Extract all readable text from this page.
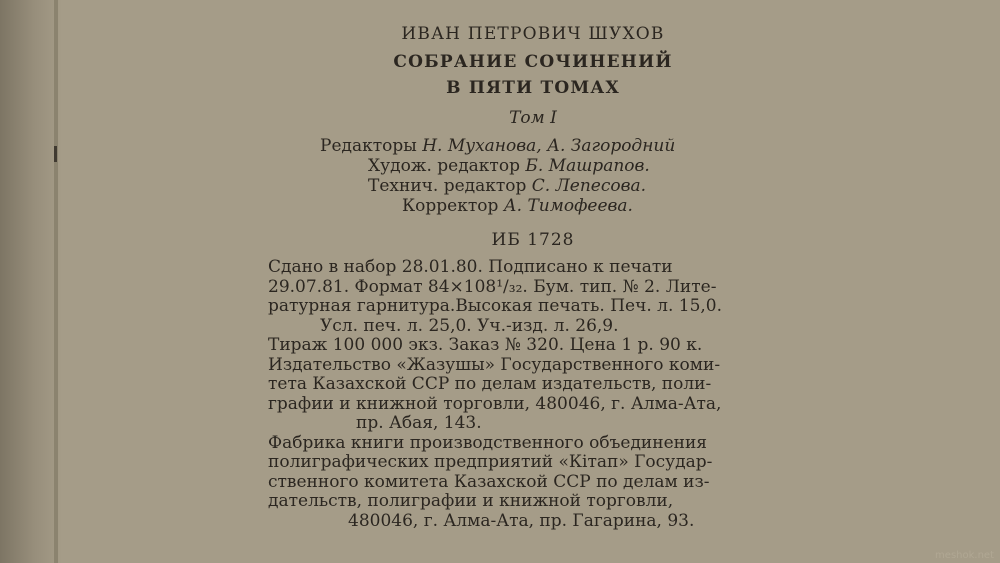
ИВАН ПЕТРОВИЧ ШУХОВ
СОБРАНИЕ СОЧИНЕНИЙ
В ПЯТИ ТОМАХ
Том I
Редакторы Н. Муханова, А. Загородний
Худож. редактор Б. Машрапов.
Технич. редактор С. Лепесова.
Корректор А. Тимофеева.
ИБ 1728
Сдано в набор 28.01.80. Подписано к печати
29.07.81. Формат 84×108¹/₃₂. Бум. тип. № 2. Лите-
ратурная гарнитура.Высокая печать. Печ. л. 15,0.
Усл. печ. л. 25,0. Уч.-изд. л. 26,9.
Тираж 100 000 экз. Заказ № 320. Цена 1 р. 90 к.
Издательство «Жазушы» Государственного коми-
тета Казахской ССР по делам издательств, поли-
графии и книжной торговли, 480046, г. Алма-Ата,
пр. Абая, 143.
Фабрика книги производственного объединения
полиграфических предприятий «Кітап» Государ-
ственного комитета Казахской ССР по делам из-
дательств, полиграфии и книжной торговли,
480046, г. Алма-Ата, пр. Гагарина, 93.
meshok.net
